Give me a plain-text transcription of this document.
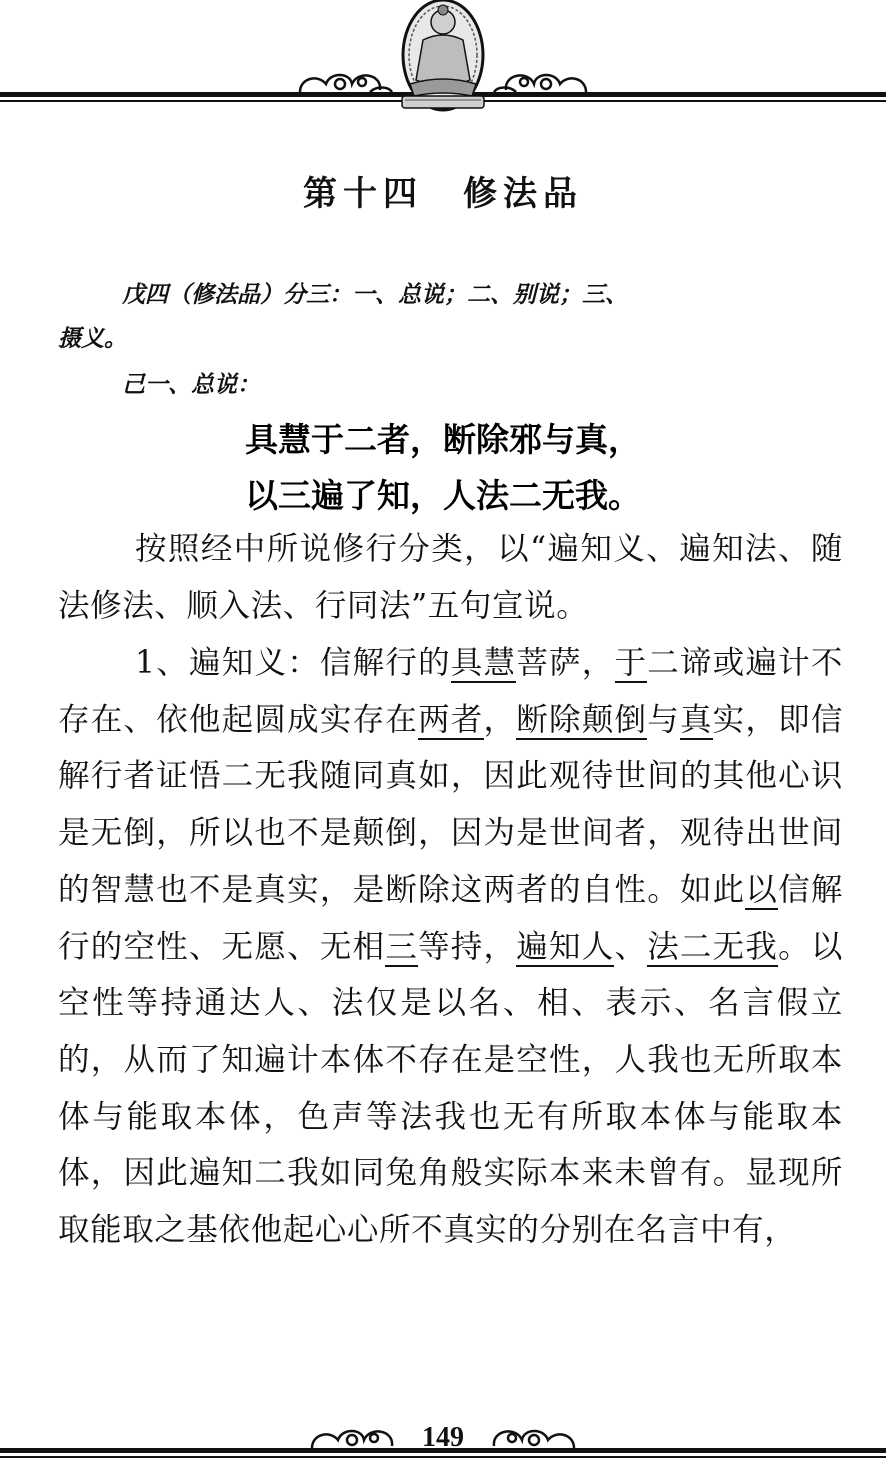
第十四　修法品
戊四（修法品）分三：一、总说；二、别说；三、
摄义。
己一、总说：
具慧于二者，断除邪与真，
以三遍了知，人法二无我。
按照经中所说修行分类，以“遍知义、遍知法、随法修法、顺入法、行同法”五句宣说。
1、遍知义：信解行的具慧菩萨，于二谛或遍计不存在、依他起圆成实存在两者，断除颠倒与真实，即信解行者证悟二无我随同真如，因此观待世间的其他心识是无倒，所以也不是颠倒，因为是世间者，观待出世间的智慧也不是真实，是断除这两者的自性。如此以信解行的空性、无愿、无相三等持，遍知人、法二无我。以空性等持通达人、法仅是以名、相、表示、名言假立的，从而了知遍计本体不存在是空性，人我也无所取本体与能取本体，色声等法我也无有所取本体与能取本体，因此遍知二我如同兔角般实际本来未曾有。显现所取能取之基依他起心心所不真实的分别在名言中有，
149
